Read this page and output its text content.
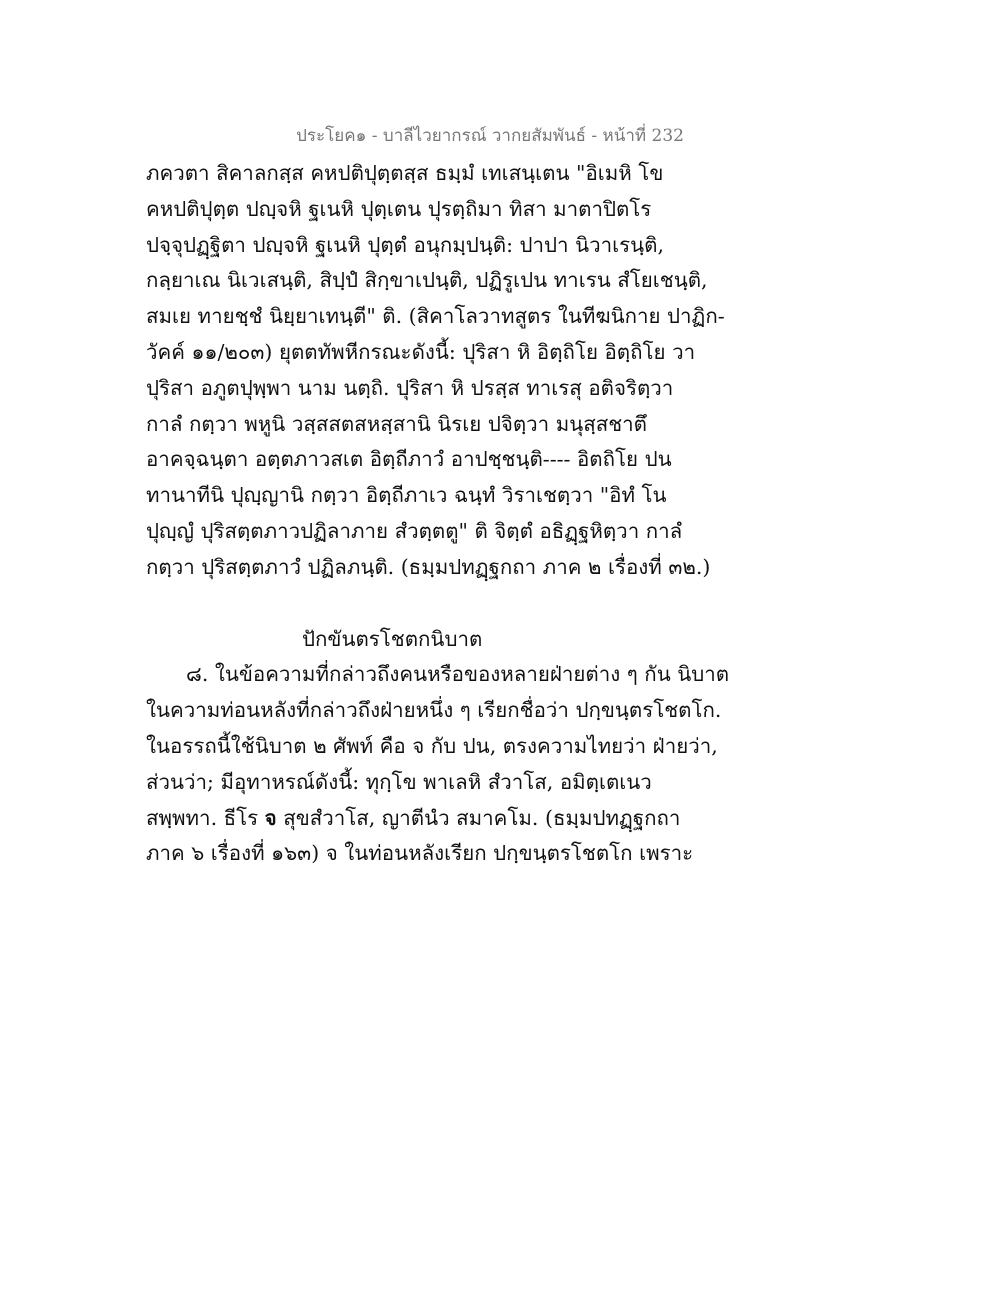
ประโยค๑ - บาลีไวยากรณ์ วากยสัมพันธ์ - หน้าที่ 232
ภควตา สิคาลกสฺส คหปติปุตฺตสฺส ธมฺมํ เทเสนฺเตน "อิเมหิ โข
คหปติปุตฺต ปญฺจหิ ฐเนหิ ปุตฺเตน ปุรตฺถิมา ทิสา มาตาปิตโร
ปจฺจุปฏฺฐิตา ปญฺจหิ ฐเนหิ ปุตฺตํ อนุกมฺปนฺติ: ปาปา นิวาเรนฺติ,
กลฺยาเณ นิเวเสนฺติ, สิปฺปํ สิกฺขาเปนฺติ, ปฏิรูเปน ทาเรน สํโยเชนฺติ,
สมเย ทายชฺชํ นิยฺยาเทนฺตี" ติ. (สิคาโลวาทสูตร ในทีฆนิกาย ปาฏิก-
วัคค์ ๑๑/๒๐๓) ยุตตทัพหีกรณะดังนี้: ปุริสา หิ อิตฺถิโย อิตฺถิโย วา
ปุริสา อภูตปุพฺพา นาม นตฺถิ. ปุริสา หิ ปรสฺส ทาเรสุ อติจริตฺวา
กาลํ กตฺวา พหูนิ วสฺสสตสหสฺสานิ นิรเย ปจิตฺวา มนุสฺสชาตึ
อาคจฺฉนฺตา อตฺตภาวสเต อิตฺถีภาวํ อาปชฺชนฺติ---- อิตถิโย ปน
ทานาทีนิ ปุญฺญานิ กตฺวา อิตฺถีภาเว ฉนฺทํ วิราเชตฺวา "อิทํ โน
ปุญฺญํ ปุริสตฺตภาวปฏิลาภาย สํวตฺตตู" ติ จิตฺตํ อธิฏฺฐหิตฺวา กาลํ
กตฺวา ปุริสตฺตภาวํ ปฏิลภนฺติ. (ธมฺมปทฏฺฐกถา ภาค ๒ เรื่องที่ ๓๒.)
ปักขันตรโชตกนิบาต
๘. ในข้อความที่กล่าวถึงคนหรือของหลายฝ่ายต่าง ๆ กัน นิบาต
ในความท่อนหลังที่กล่าวถึงฝ่ายหนึ่ง ๆ เรียกชื่อว่า ปกฺขนฺตรโชตโก.
ในอรรถนี้ใช้นิบาต ๒ ศัพท์ คือ จ กับ ปน, ตรงความไทยว่า ฝ่ายว่า,
ส่วนว่า; มีอุทาหรณ์ดังนี้: ทุกฺโข พาเลหิ สํวาโส, อมิตฺเตเนว
สพฺพทา. ธีโร จ สุขสํวาโส, ญาตีนํว สมาคโม. (ธมฺมปทฏฺฐกถา
ภาค ๖ เรื่องที่ ๑๖๓) จ ในท่อนหลังเรียก ปกฺขนฺตรโชตโก เพราะ
